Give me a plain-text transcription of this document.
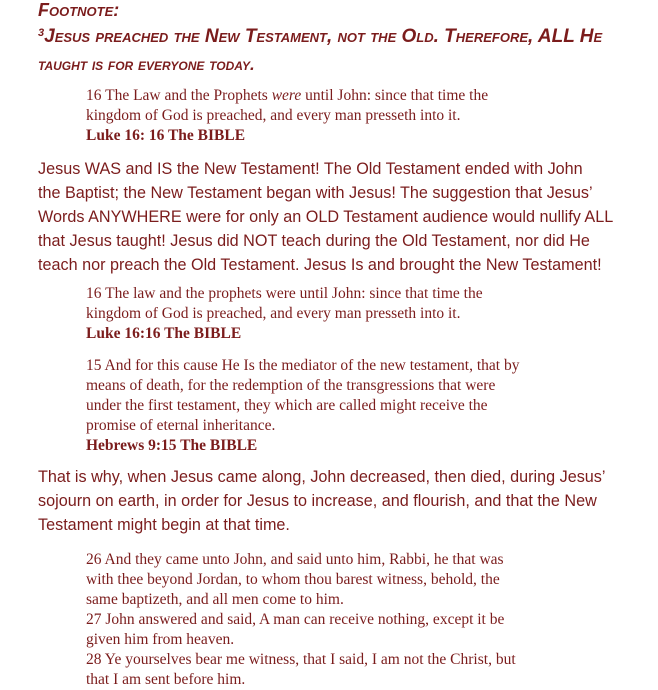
Footnote:
$^3$Jesus preached the New Testament, not the Old. Therefore, ALL He
taught is for everyone today.
16 The Law and the Prophets were until John: since that time the
kingdom of God is preached, and every man presseth into it.
Luke 16: 16 The BIBLE
Jesus WAS and IS the New Testament! The Old Testament ended with John
the Baptist; the New Testament began with Jesus! The suggestion that Jesus’
Words ANYWHERE were for only an OLD Testament audience would nullify ALL
that Jesus taught! Jesus did NOT teach during the Old Testament, nor did He
teach nor preach the Old Testament. Jesus Is and brought the New Testament!
16 The law and the prophets were until John: since that time the
kingdom of God is preached, and every man presseth into it.
Luke 16:16 The BIBLE
15 And for this cause He Is the mediator of the new testament, that by
means of death, for the redemption of the transgressions that were
under the first testament, they which are called might receive the
promise of eternal inheritance.
Hebrews 9:15 The BIBLE
That is why, when Jesus came along, John decreased, then died, during Jesus’
sojourn on earth, in order for Jesus to increase, and flourish, and that the New
Testament might begin at that time.
26 And they came unto John, and said unto him, Rabbi, he that was
with thee beyond Jordan, to whom thou barest witness, behold, the
same baptizeth, and all men come to him.
27 John answered and said, A man can receive nothing, except it be
given him from heaven.
28 Ye yourselves bear me witness, that I said, I am not the Christ, but
that I am sent before him.
